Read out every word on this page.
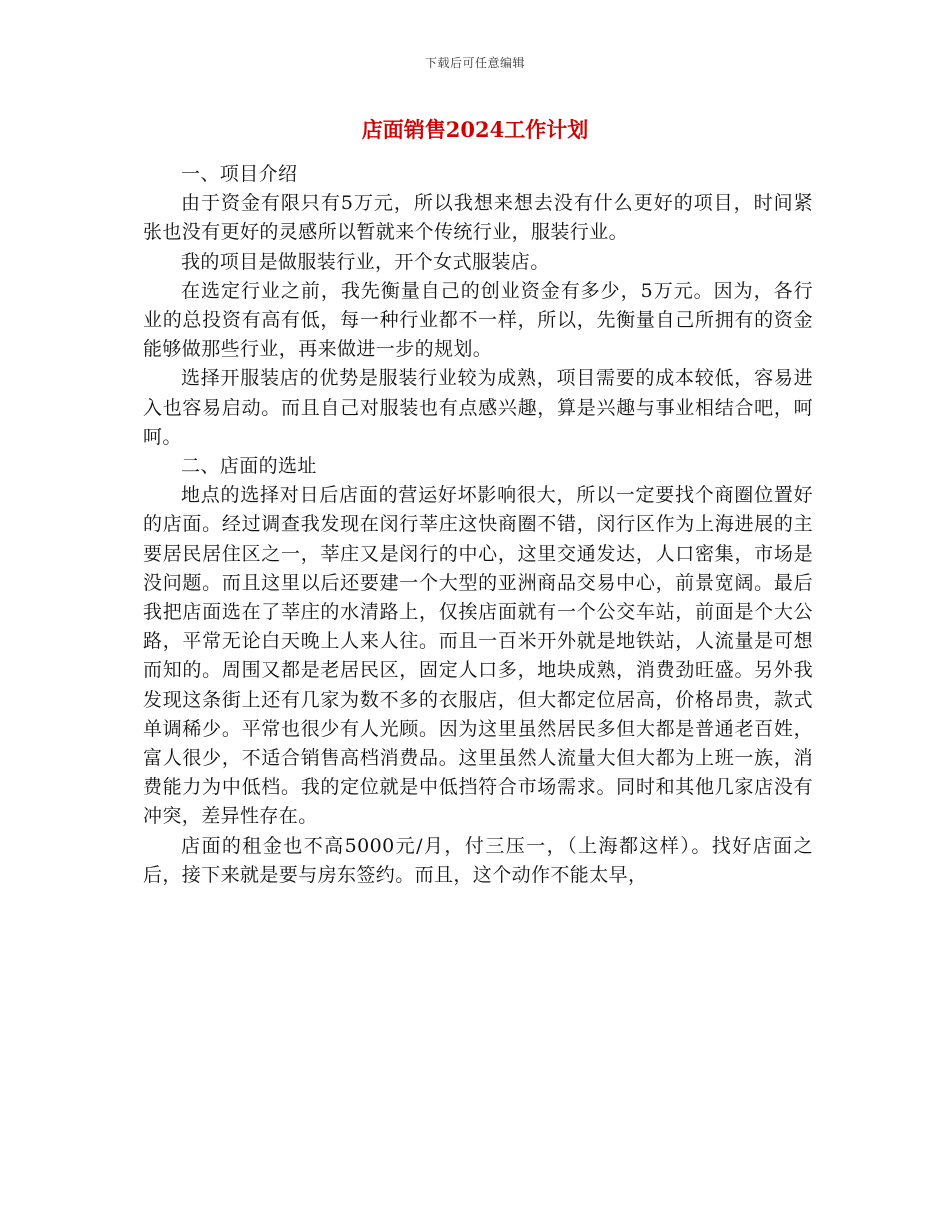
下载后可任意编辑
店面销售2024工作计划

一、项目介绍

由于资金有限只有5万元，所以我想来想去没有什么更好的项目，时间紧张也没有更好的灵感所以暂就来个传统行业，服装行业。

我的项目是做服装行业，开个女式服装店。

在选定行业之前，我先衡量自己的创业资金有多少，5万元。因为，各行业的总投资有高有低，每一种行业都不一样，所以，先衡量自己所拥有的资金能够做那些行业，再来做进一步的规划。

选择开服装店的优势是服装行业较为成熟，项目需要的成本较低，容易进入也容易启动。而且自己对服装也有点感兴趣，算是兴趣与事业相结合吧，呵呵。

二、店面的选址

地点的选择对日后店面的营运好坏影响很大，所以一定要找个商圈位置好的店面。经过调查我发现在闵行莘庄这快商圈不错，闵行区作为上海进展的主要居民居住区之一，莘庄又是闵行的中心，这里交通发达，人口密集，市场是没问题。而且这里以后还要建一个大型的亚洲商品交易中心，前景宽阔。最后我把店面选在了莘庄的水清路上，仅挨店面就有一个公交车站，前面是个大公路，平常无论白天晚上人来人往。而且一百米开外就是地铁站，人流量是可想而知的。周围又都是老居民区，固定人口多，地块成熟，消费劲旺盛。另外我发现这条街上还有几家为数不多的衣服店，但大都定位居高，价格昂贵，款式单调稀少。平常也很少有人光顾。因为这里虽然居民多但大都是普通老百姓，富人很少，不适合销售高档消费品。这里虽然人流量大但大都为上班一族，消费能力为中低档。我的定位就是中低挡符合市场需求。同时和其他几家店没有冲突，差异性存在。

店面的租金也不高5000元/月，付三压一，（上海都这样）。找好店面之后，接下来就是要与房东签约。而且，这个动作不能太早，
